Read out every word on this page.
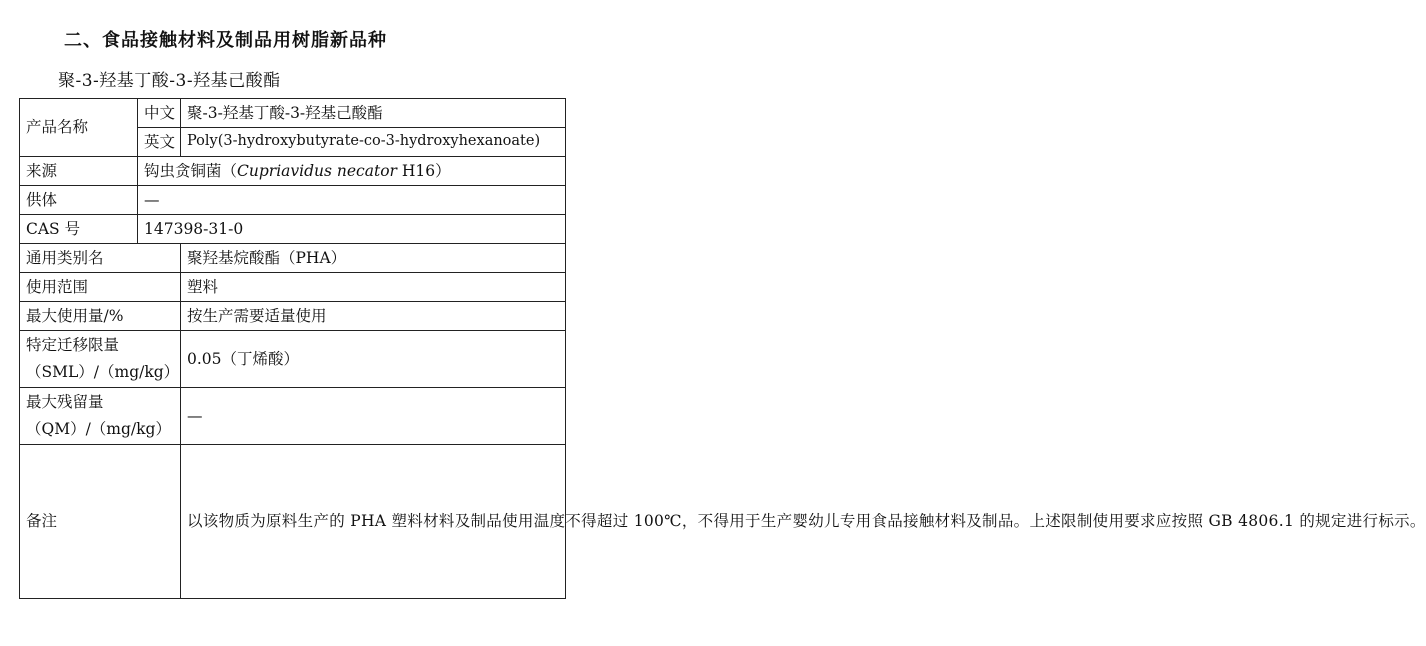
二、食品接触材料及制品用树脂新品种
聚-3-羟基丁酸-3-羟基己酸酯
产品名称	中文	聚-3-羟基丁酸-3-羟基己酸酯
	英文	Poly(3-hydroxybutyrate-co-3-hydroxyhexanoate)
来源	钩虫贪铜菌（Cupriavidus necator H16）	
供体	—	
CAS 号	147398-31-0	
通用类别名		聚羟基烷酸酯（PHA）
使用范围		塑料
最大使用量/%		按生产需要适量使用

特定迁移限量
（SML）/（mg/kg）		0.05（丁烯酸）

最大残留量
（QM）/（mg/kg）		—
备注		以该物质为原料生产的 PHA 塑料材料及制品使用温度不得超过 100℃，不得用于生产婴幼儿专用食品接触材料及制品。上述限制使用要求应按照 GB 4806.1 的规定进行标示。
